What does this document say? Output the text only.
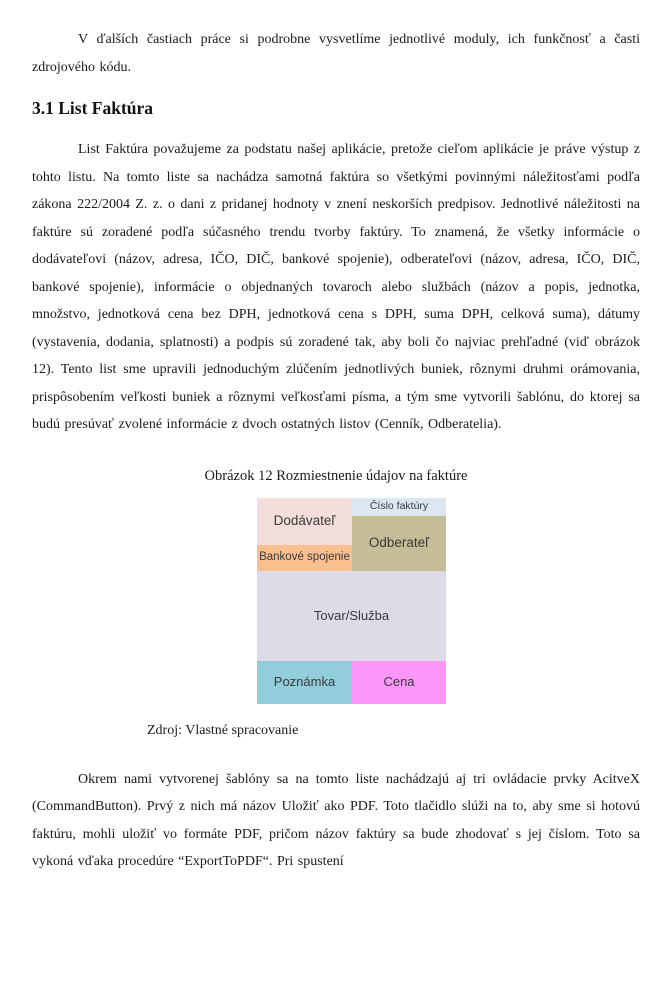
V ďalších častiach práce si podrobne vysvetlíme jednotlivé moduly, ich funkčnosť a časti zdrojového kódu.

3.1 List Faktúra

List Faktúra považujeme za podstatu našej aplikácie, pretože cieľom aplikácie je práve výstup z tohto listu. Na tomto liste sa nachádza samotná faktúra so všetkými povinnými náležitosťami podľa zákona 222/2004 Z. z. o dani z pridanej hodnoty v znení neskorších predpisov. Jednotlivé náležitosti na faktúre sú zoradené podľa súčasného trendu tvorby faktúry. To znamená, že všetky informácie o dodávateľovi (názov, adresa, IČO, DIČ, bankové spojenie), odberateľovi (názov, adresa, IČO, DIČ, bankové spojenie), informácie o objednaných tovaroch alebo službách (názov a popis, jednotka, množstvo, jednotková cena bez DPH, jednotková cena s DPH, suma DPH, celková suma), dátumy (vystavenia, dodania, splatnosti) a podpis sú zoradené tak, aby boli čo najviac prehľadné (viď obrázok 12). Tento list sme upravili jednoduchým zlúčením jednotlivých buniek, rôznymi druhmi orámovania, prispôsobením veľkosti buniek a rôznymi veľkosťami písma, a tým sme vytvorili šablónu, do ktorej sa budú presúvať zvolené informácie z dvoch ostatných listov (Cenník, Odberatelia).

Obrázok 12 Rozmiestnenie údajov na faktúre
Dodávateľ
Číslo faktúry
Odberateľ
Bankové spojenie
Tovar/Služba
Poznámka	Cena
Zdroj: Vlastné spracovanie

Okrem nami vytvorenej šablóny sa na tomto liste nachádzajú aj tri ovládacie prvky AcitveX (CommandButton). Prvý z nich má názov Uložiť ako PDF. Toto tlačidlo slúži na to, aby sme si hotovú faktúru, mohli uložiť vo formáte PDF, pričom názov faktúry sa bude zhodovať s jej číslom. Toto sa vykoná vďaka procedúre “ExportToPDF“. Pri spustení
